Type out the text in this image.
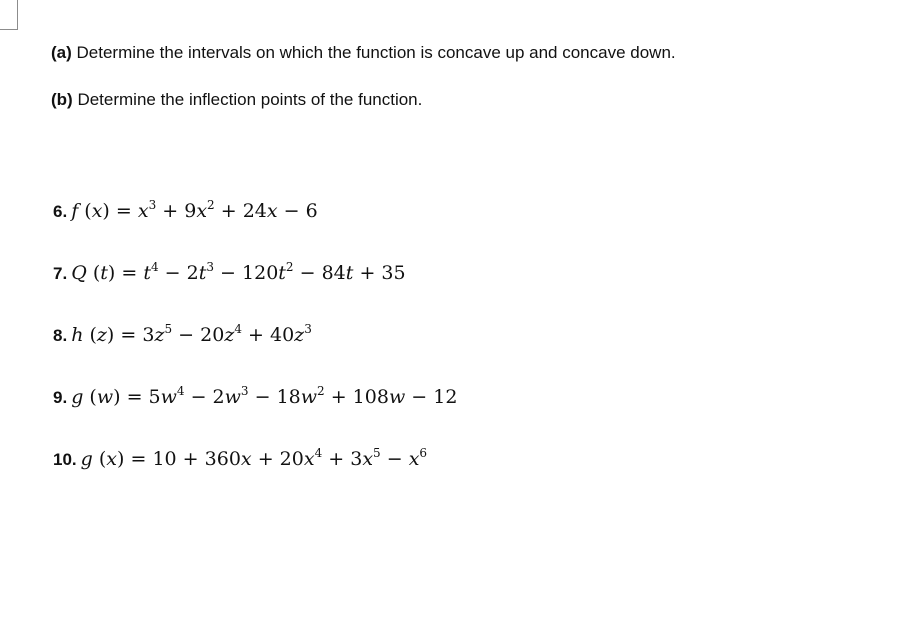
(a) Determine the intervals on which the function is concave up and concave down.
(b) Determine the inflection points of the function.
6. f $(x) = x^3 + 9x^2 + 24x - 6$
7. Q $(t) = t^4 - 2t^3 - 120t^2 - 84t + 35$
8. h $(z) = 3z^5 - 20z^4 + 40z^3$
9. g $(w) = 5w^4 - 2w^3 - 18w^2 + 108w - 12$
10. g $(x) = 10 + 360x + 20x^4 + 3x^5 - x^6$
